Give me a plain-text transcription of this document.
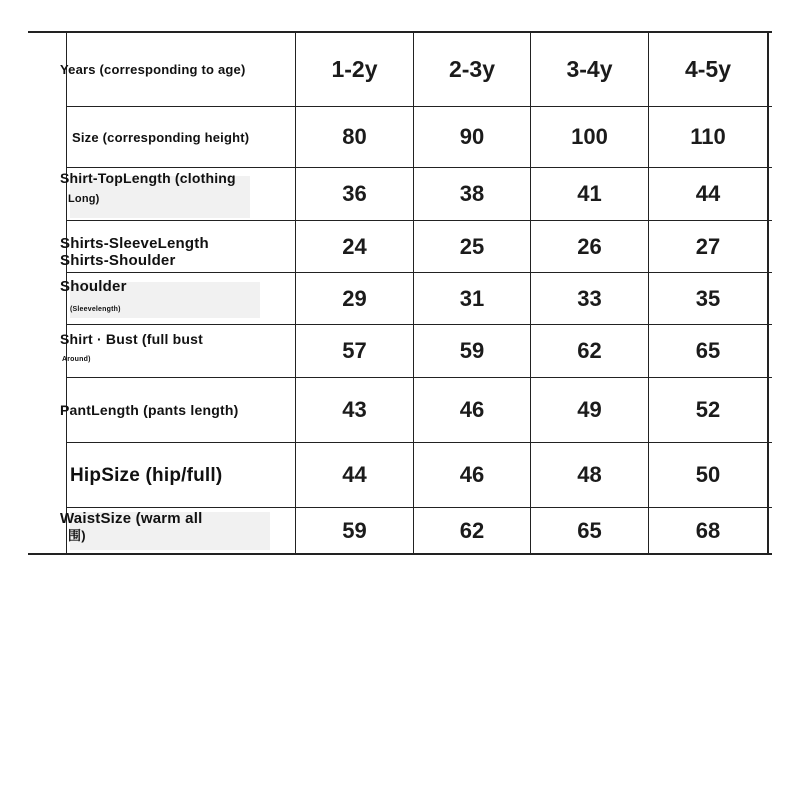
Years (corresponding to age)	1-2y	2-3y	3-4y	4-5y
Size (corresponding height)	80	90	100	110
Shirt-TopLength (clothing
Long)	36	38	41	44
Shirts-SleeveLength
Shirts-Shoulder
24	25	26	27
Shoulder
(Sleevelength)	29	31	33	35
Shirt · Bust (full bust
Around)	57	59	62	65
PantLength (pants length)	43	46	49	52
HipSize (hip/full)	44	46	48	50
WaistSize (warm all
围)	59	62	65	68
